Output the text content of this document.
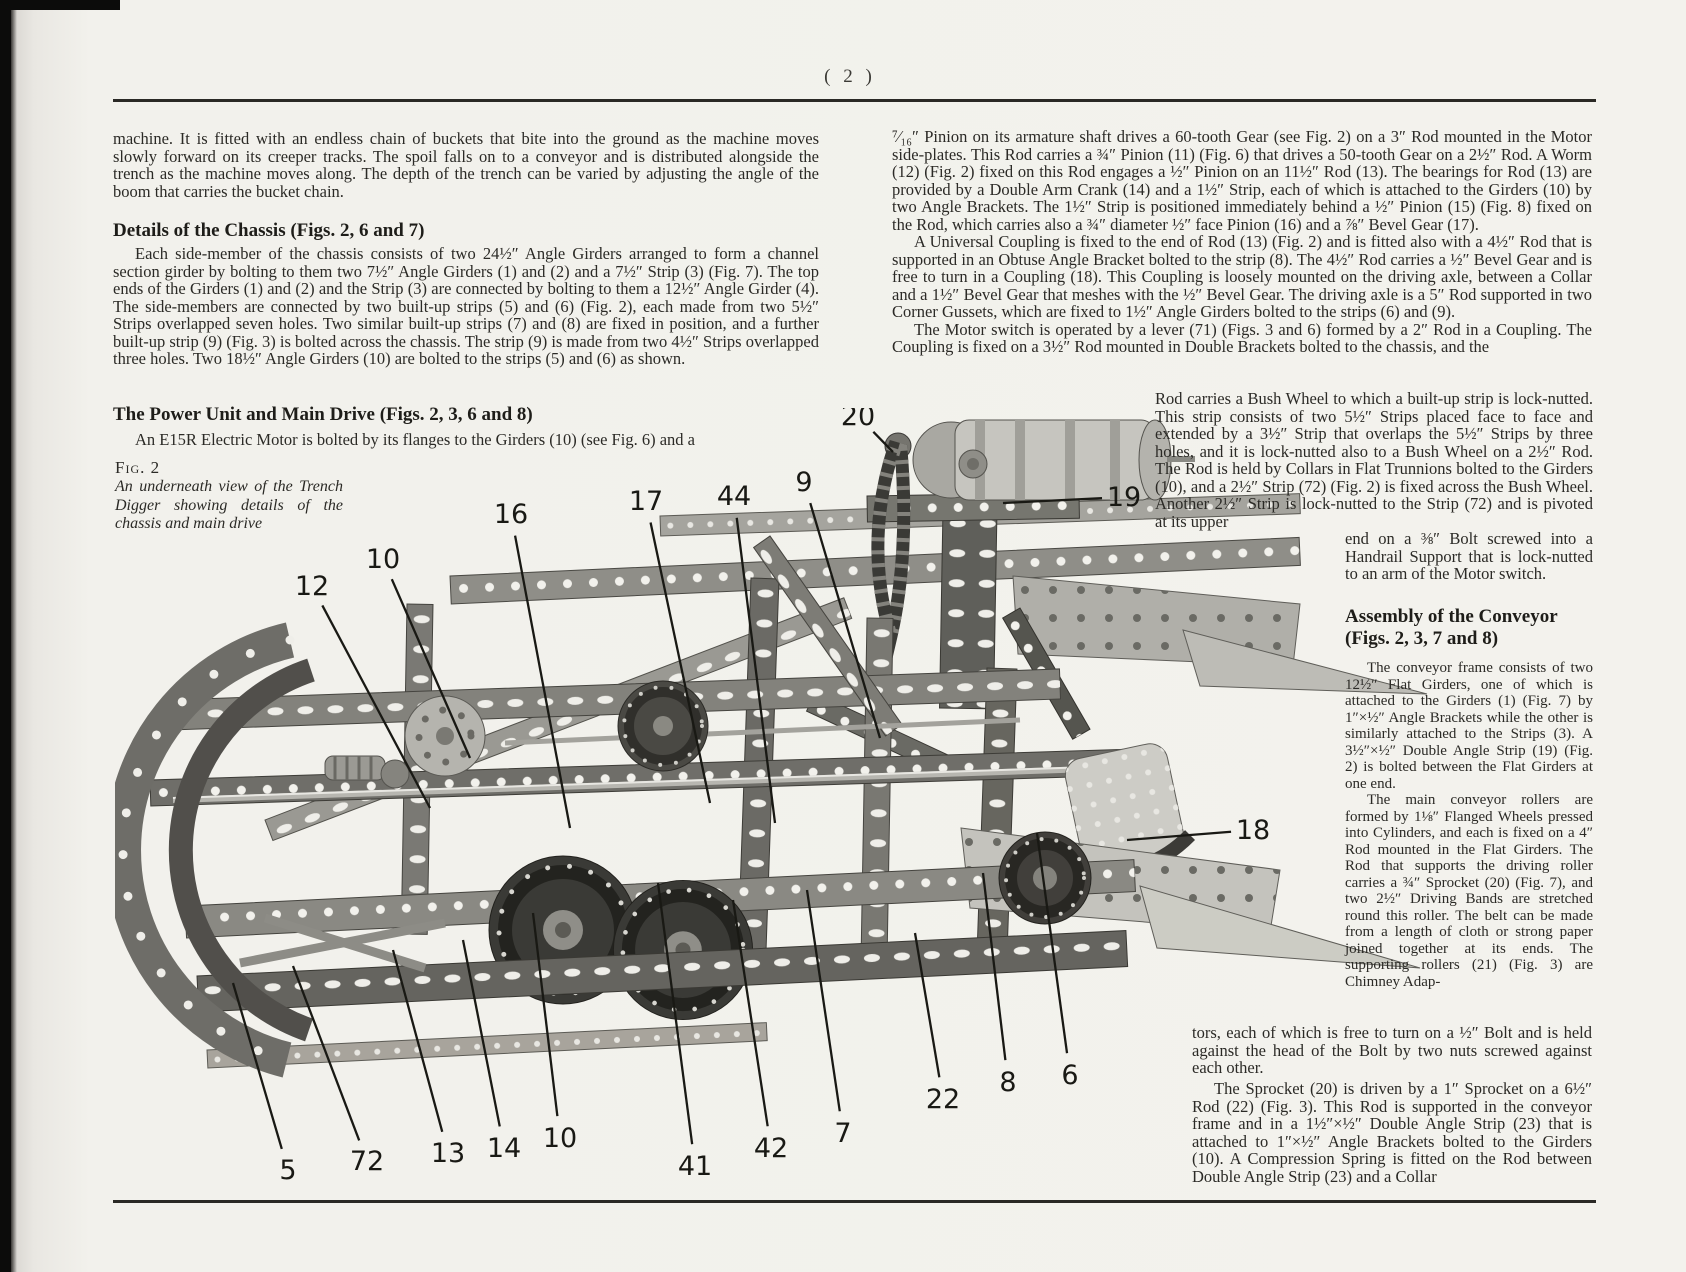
( 2 )
12
10
16	17 44 9
20
19
18
5 72 13 14 10
41
42 7
22
8 6

machine. It is fitted with an endless chain of buckets that bite into the ground as the machine moves slowly forward on its creeper tracks. The spoil falls on to a conveyor and is distributed alongside the trench as the machine moves along. The depth of the trench can be varied by adjusting the angle of the boom that carries the bucket chain.

Details of the Chassis (Figs. 2, 6 and 7)

Each side-member of the chassis consists of two 24½″ Angle Girders arranged to form a channel section girder by bolting to them two 7½″ Angle Girders (1) and (2) and a 7½″ Strip (3) (Fig. 7). The top ends of the Girders (1) and (2) and the Strip (3) are connected by bolting to them a 12½″ Angle Girder (4). The side-members are connected by two built-up strips (5) and (6) (Fig. 2), each made from two 5½″ Strips overlapped seven holes. Two similar built-up strips (7) and (8) are fixed in position, and a further built-up strip (9) (Fig. 3) is bolted across the chassis. The strip (9) is made from two 4½″ Strips overlapped three holes. Two 18½″ Angle Girders (10) are bolted to the strips (5) and (6) as shown.

The Power Unit and Main Drive (Figs. 2, 3, 6 and 8)

An E15R Electric Motor is bolted by its flanges to the Girders (10) (see Fig. 6) and a

Fig. 2
An underneath view of the Trench Digger showing details of the chassis and main drive

⁷⁄₁₆″ Pinion on its armature shaft drives a 60-tooth Gear (see Fig. 2) on a 3″ Rod mounted in the Motor side-plates. This Rod carries a ¾″ Pinion (11) (Fig. 6) that drives a 50-tooth Gear on a 2½″ Rod. A Worm (12) (Fig. 2) fixed on this Rod engages a ½″ Pinion on an 11½″ Rod (13). The bearings for Rod (13) are provided by a Double Arm Crank (14) and a 1½″ Strip, each of which is attached to the Girders (10) by two Angle Brackets. The 1½″ Strip is positioned immediately behind a ½″ Pinion (15) (Fig. 8) fixed on the Rod, which carries also a ¾″ diameter ½″ face Pinion (16) and a ⅞″ Bevel Gear (17).

A Universal Coupling is fixed to the end of Rod (13) (Fig. 2) and is fitted also with a 4½″ Rod that is supported in an Obtuse Angle Bracket bolted to the strip (8). The 4½″ Rod carries a ½″ Bevel Gear and is free to turn in a Coupling (18). This Coupling is loosely mounted on the driving axle, between a Collar and a 1½″ Bevel Gear that meshes with the ½″ Bevel Gear. The driving axle is a 5″ Rod supported in two Corner Gussets, which are fixed to 1½″ Angle Girders bolted to the strips (6) and (9).

The Motor switch is operated by a lever (71) (Figs. 3 and 6) formed by a 2″ Rod in a Coupling. The Coupling is fixed on a 3½″ Rod mounted in Double Brackets bolted to the chassis, and the

Rod carries a Bush Wheel to which a built-up strip is lock-nutted. This strip consists of two 5½″ Strips placed face to face and extended by a 3½″ Strip that overlaps the 5½″ Strips by three holes, and it is lock-nutted also to a Bush Wheel on a 2½″ Rod. The Rod is held by Collars in Flat Trunnions bolted to the Girders (10), and a 2½″ Strip (72) (Fig. 2) is fixed across the Bush Wheel. Another 2½″ Strip is lock-nutted to the Strip (72) and is pivoted at its upper

end on a ⅜″ Bolt screwed into a Handrail Support that is lock-nutted to an arm of the Motor switch.

Assembly of the Conveyor
(Figs. 2, 3, 7 and 8)

The conveyor frame consists of two 12½″ Flat Girders, one of which is attached to the Girders (1) (Fig. 7) by 1″×½″ Angle Brackets while the other is similarly attached to the Strips (3). A 3½″×½″ Double Angle Strip (19) (Fig. 2) is bolted between the Flat Girders at one end.

The main conveyor rollers are formed by 1⅛″ Flanged Wheels pressed into Cylinders, and each is fixed on a 4″ Rod mounted in the Flat Girders. The Rod that supports the driving roller carries a ¾″ Sprocket (20) (Fig. 7), and two 2½″ Driving Bands are stretched round this roller. The belt can be made from a length of cloth or strong paper joined together at its ends. The supporting rollers (21) (Fig. 3) are Chimney Adap-

tors, each of which is free to turn on a ½″ Bolt and is held against the head of the Bolt by two nuts screwed against each other.

The Sprocket (20) is driven by a 1″ Sprocket on a 6½″ Rod (22) (Fig. 3). This Rod is supported in the conveyor frame and in a 1½″×½″ Double Angle Strip (23) that is attached to 1″×½″ Angle Brackets bolted to the Girders (10). A Compression Spring is fitted on the Rod between Double Angle Strip (23) and a Collar
